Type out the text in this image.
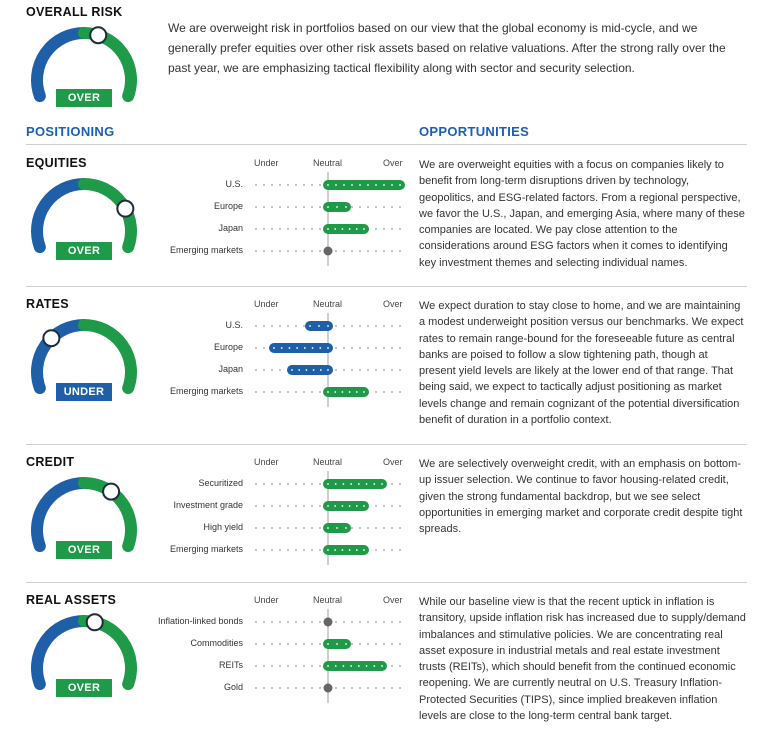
OVERALL RISK
OVER
We are overweight risk in portfolios based on our view that the global economy is mid-cycle, and we generally prefer equities over other risk assets based on relative valuations. After the strong rally over the past year, we are emphasizing tactical flexibility along with sector and security selection.
POSITIONING	OPPORTUNITIES
EQUITIES
OVER
Under	Neutral	Over
U.S.
Europe
Japan
Emerging markets
We are overweight equities with a focus on companies likely to benefit from long-term disruptions driven by technology, geopolitics, and ESG-related factors. From a regional perspective, we favor the U.S., Japan, and emerging Asia, where many of these companies are located. We pay close attention to the considerations around ESG factors when it comes to identifying key investment themes and selecting individual names.
RATES
UNDER
Under	Neutral	Over
U.S.
Europe
Japan
Emerging markets
We expect duration to stay close to home, and we are maintaining a modest underweight position versus our benchmarks. We expect rates to remain range-bound for the foreseeable future as central banks are poised to follow a slow tightening path, though at present yield levels are likely at the lower end of that range. That being said, we expect to tactically adjust positioning as market levels change and remain cognizant of the potential diversification benefit of duration in a portfolio context.
CREDIT
OVER
Under	Neutral	Over
Securitized
Investment grade
High yield
Emerging markets
We are selectively overweight credit, with an emphasis on bottom-up issuer selection. We continue to favor housing-related credit, given the strong fundamental backdrop, but we see select opportunities in emerging market and corporate credit despite tight spreads.
REAL ASSETS
OVER
Under	Neutral	Over
Inflation-linked bonds
Commodities
REITs
Gold
While our baseline view is that the recent uptick in inflation is transitory, upside inflation risk has increased due to supply/demand imbalances and stimulative policies. We are concentrating real asset exposure in industrial metals and real estate investment trusts (REITs), which should benefit from the continued economic reopening. We are currently neutral on U.S. Treasury Inflation-Protected Securities (TIPS), since implied breakeven inflation levels are close to the long-term central bank target.
